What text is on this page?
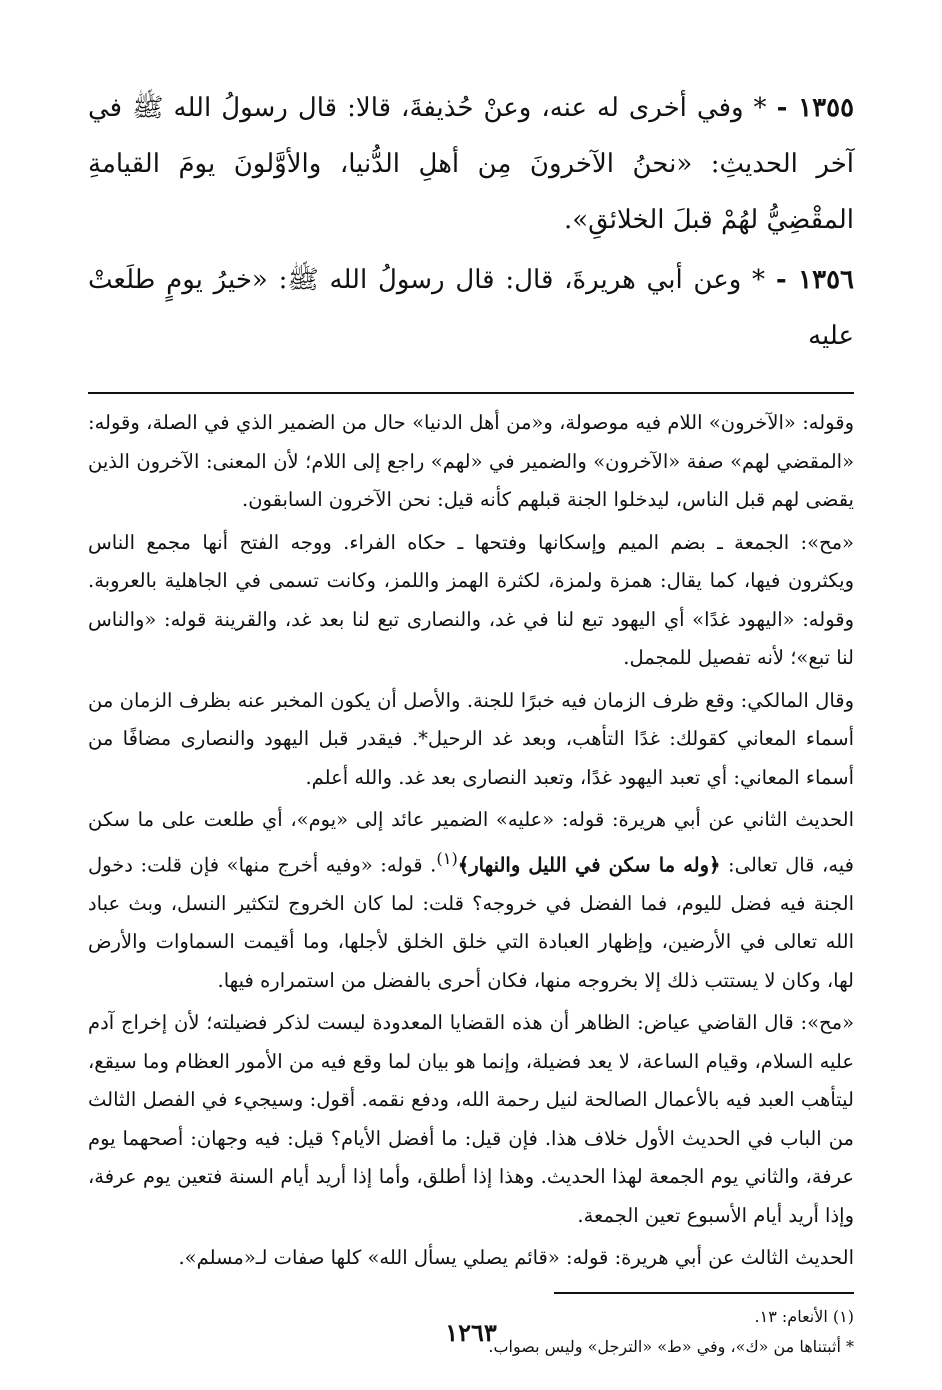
١٣٥٥ - * وفي أخرى له عنه، وعنْ حُذيفةَ، قالا: قال رسولُ الله ﷺ في آخر الحديثِ: «نحنُ الآخرونَ مِن أهلِ الدُّنيا، والأوَّلونَ يومَ القيامةِ المقْضِيُّ لهُمْ قبلَ الخلائقِ».

١٣٥٦ - * وعن أبي هريرةَ، قال: قال رسولُ الله ﷺ: «خيرُ يومٍ طلَعتْ عليه

وقوله: «الآخرون» اللام فيه موصولة، و«من أهل الدنيا» حال من الضمير الذي في الصلة، وقوله: «المقضي لهم» صفة «الآخرون» والضمير في «لهم» راجع إلى اللام؛ لأن المعنى: الآخرون الذين يقضى لهم قبل الناس، ليدخلوا الجنة قبلهم كأنه قيل: نحن الآخرون السابقون.

«مح»: الجمعة ـ بضم الميم وإسكانها وفتحها ـ حكاه الفراء. ووجه الفتح أنها مجمع الناس ويكثرون فيها، كما يقال: همزة ولمزة، لكثرة الهمز واللمز، وكانت تسمى في الجاهلية بالعروبة. وقوله: «اليهود غدًا» أي اليهود تبع لنا في غد، والنصارى تبع لنا بعد غد، والقرينة قوله: «والناس لنا تبع»؛ لأنه تفصيل للمجمل.

وقال المالكي: وقع ظرف الزمان فيه خبرًا للجنة. والأصل أن يكون المخبر عنه بظرف الزمان من أسماء المعاني كقولك: غدًا التأهب، وبعد غد الرحيل*. فيقدر قبل اليهود والنصارى مضافًا من أسماء المعاني: أي تعبد اليهود غدًا، وتعبد النصارى بعد غد. والله أعلم.

الحديث الثاني عن أبي هريرة: قوله: «عليه» الضمير عائد إلى «يوم»، أي طلعت على ما سكن فيه، قال تعالى: ﴿وله ما سكن في الليل والنهار﴾$^{(١)}$. قوله: «وفيه أخرج منها» فإن قلت: دخول الجنة فيه فضل لليوم، فما الفضل في خروجه؟ قلت: لما كان الخروج لتكثير النسل، وبث عباد الله تعالى في الأرضين، وإظهار العبادة التي خلق الخلق لأجلها، وما أقيمت السماوات والأرض لها، وكان لا يستتب ذلك إلا بخروجه منها، فكان أحرى بالفضل من استمراره فيها.

«مح»: قال القاضي عياض: الظاهر أن هذه القضايا المعدودة ليست لذكر فضيلته؛ لأن إخراج آدم عليه السلام، وقيام الساعة، لا يعد فضيلة، وإنما هو بيان لما وقع فيه من الأمور العظام وما سيقع، ليتأهب العبد فيه بالأعمال الصالحة لنيل رحمة الله، ودفع نقمه. أقول: وسيجيء في الفصل الثالث من الباب في الحديث الأول خلاف هذا. فإن قيل: ما أفضل الأيام؟ قيل: فيه وجهان: أصحهما يوم عرفة، والثاني يوم الجمعة لهذا الحديث. وهذا إذا أطلق، وأما إذا أريد أيام السنة فتعين يوم عرفة، وإذا أريد أيام الأسبوع تعين الجمعة.

الحديث الثالث عن أبي هريرة: قوله: «قائم يصلي يسأل الله» كلها صفات لـ«مسلم».

(١) الأنعام: ١٣.

* أثبتناها من «ك»، وفي «ط» «الترجل» وليس بصواب.

١٢٦٣
